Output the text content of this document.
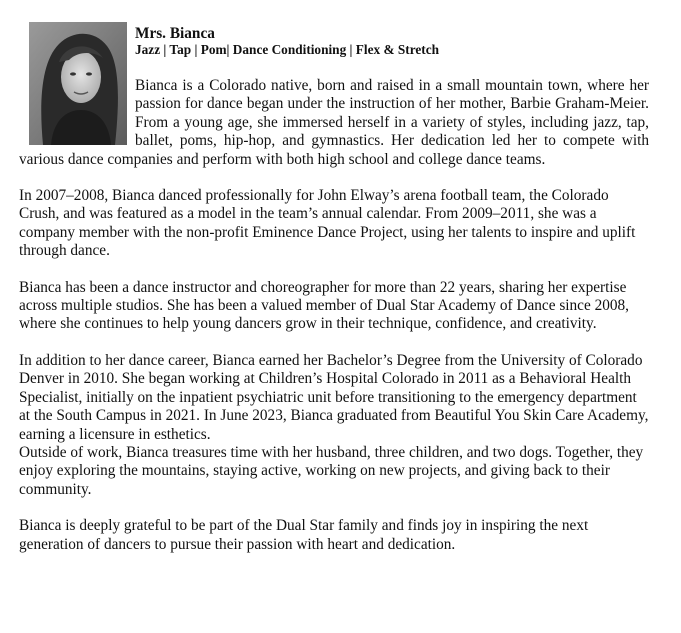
Mrs. Bianca
Jazz | Tap | Pom| Dance Conditioning | Flex & Stretch

Bianca is a Colorado native, born and raised in a small mountain town, where her passion for dance began under the instruction of her mother, Barbie Graham-Meier. From a young age, she immersed herself in a variety of styles, including jazz, tap, ballet, poms, hip-hop, and gymnastics. Her dedication led her to compete with various dance companies and perform with both high school and college dance teams.

In 2007–2008, Bianca danced professionally for John Elway’s arena football team, the Colorado Crush, and was featured as a model in the team’s annual calendar. From 2009–2011, she was a company member with the non-profit Eminence Dance Project, using her talents to inspire and uplift through dance.

Bianca has been a dance instructor and choreographer for more than 22 years, sharing her expertise across multiple studios. She has been a valued member of Dual Star Academy of Dance since 2008, where she continues to help young dancers grow in their technique, confidence, and creativity.

In addition to her dance career, Bianca earned her Bachelor’s Degree from the University of Colorado Denver in 2010. She began working at Children’s Hospital Colorado in 2011 as a Behavioral Health Specialist, initially on the inpatient psychiatric unit before transitioning to the emergency department at the South Campus in 2021. In June 2023, Bianca graduated from Beautiful You Skin Care Academy, earning a licensure in esthetics.

Outside of work, Bianca treasures time with her husband, three children, and two dogs. Together, they enjoy exploring the mountains, staying active, working on new projects, and giving back to their community.

Bianca is deeply grateful to be part of the Dual Star family and finds joy in inspiring the next generation of dancers to pursue their passion with heart and dedication.
